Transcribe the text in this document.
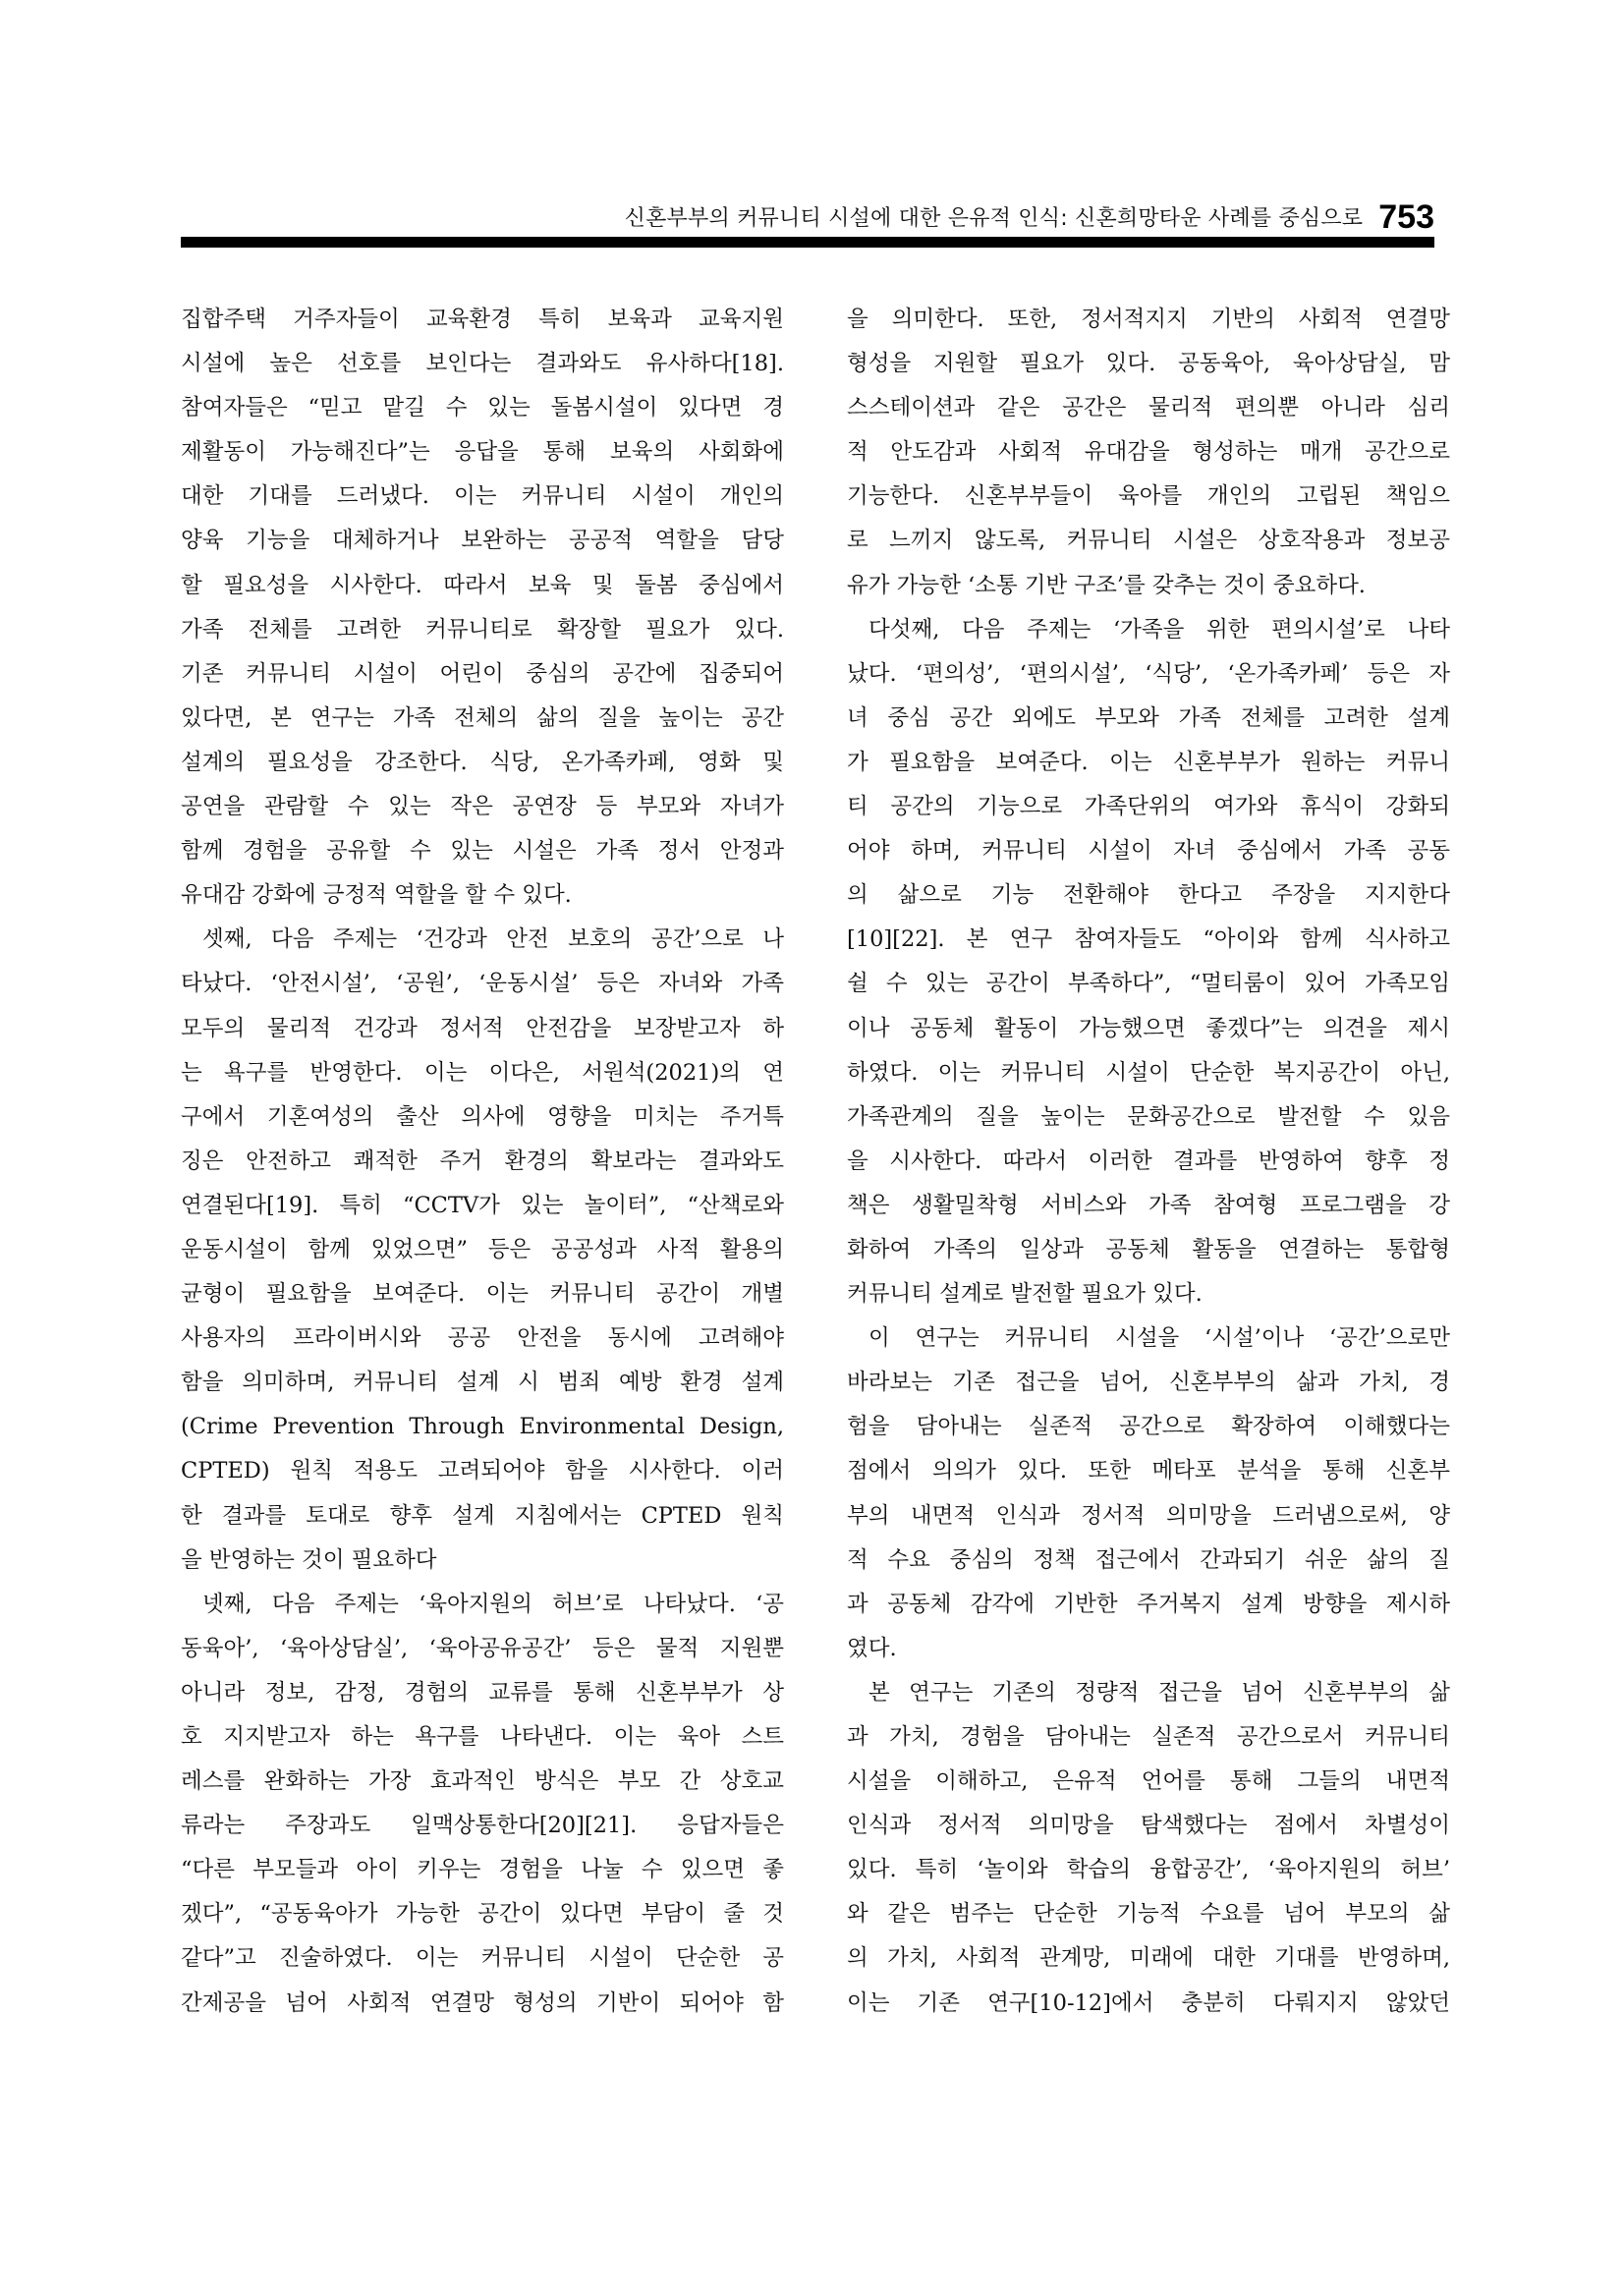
신혼부부의 커뮤니티 시설에 대한 은유적 인식: 신혼희망타운 사례를 중심으로 753
집합주택 거주자들이 교육환경 특히 보육과 교육지원
시설에 높은 선호를 보인다는 결과와도 유사하다[18].
참여자들은 “믿고 맡길 수 있는 돌봄시설이 있다면 경
제활동이 가능해진다”는 응답을 통해 보육의 사회화에
대한 기대를 드러냈다. 이는 커뮤니티 시설이 개인의
양육 기능을 대체하거나 보완하는 공공적 역할을 담당
할 필요성을 시사한다. 따라서 보육 및 돌봄 중심에서
가족 전체를 고려한 커뮤니티로 확장할 필요가 있다.
기존 커뮤니티 시설이 어린이 중심의 공간에 집중되어
있다면, 본 연구는 가족 전체의 삶의 질을 높이는 공간
설계의 필요성을 강조한다. 식당, 온가족카페, 영화 및
공연을 관람할 수 있는 작은 공연장 등 부모와 자녀가
함께 경험을 공유할 수 있는 시설은 가족 정서 안정과
유대감 강화에 긍정적 역할을 할 수 있다.
셋째, 다음 주제는 ‘건강과 안전 보호의 공간’으로 나
타났다. ‘안전시설’, ‘공원’, ‘운동시설’ 등은 자녀와 가족
모두의 물리적 건강과 정서적 안전감을 보장받고자 하
는 욕구를 반영한다. 이는 이다은, 서원석(2021)의 연
구에서 기혼여성의 출산 의사에 영향을 미치는 주거특
징은 안전하고 쾌적한 주거 환경의 확보라는 결과와도
연결된다[19]. 특히 “CCTV가 있는 놀이터”, “산책로와
운동시설이 함께 있었으면” 등은 공공성과 사적 활용의
균형이 필요함을 보여준다. 이는 커뮤니티 공간이 개별
사용자의 프라이버시와 공공 안전을 동시에 고려해야
함을 의미하며, 커뮤니티 설계 시 범죄 예방 환경 설계
(Crime Prevention Through Environmental Design,
CPTED) 원칙 적용도 고려되어야 함을 시사한다. 이러
한 결과를 토대로 향후 설계 지침에서는 CPTED 원칙
을 반영하는 것이 필요하다
넷째, 다음 주제는 ‘육아지원의 허브’로 나타났다. ‘공
동육아’, ‘육아상담실’, ‘육아공유공간’ 등은 물적 지원뿐
아니라 정보, 감정, 경험의 교류를 통해 신혼부부가 상
호 지지받고자 하는 욕구를 나타낸다. 이는 육아 스트
레스를 완화하는 가장 효과적인 방식은 부모 간 상호교
류라는 주장과도 일맥상통한다[20][21]. 응답자들은
“다른 부모들과 아이 키우는 경험을 나눌 수 있으면 좋
겠다”, “공동육아가 가능한 공간이 있다면 부담이 줄 것
같다”고 진술하였다. 이는 커뮤니티 시설이 단순한 공
간제공을 넘어 사회적 연결망 형성의 기반이 되어야 함
을 의미한다. 또한, 정서적지지 기반의 사회적 연결망
형성을 지원할 필요가 있다. 공동육아, 육아상담실, 맘
스스테이션과 같은 공간은 물리적 편의뿐 아니라 심리
적 안도감과 사회적 유대감을 형성하는 매개 공간으로
기능한다. 신혼부부들이 육아를 개인의 고립된 책임으
로 느끼지 않도록, 커뮤니티 시설은 상호작용과 정보공
유가 가능한 ‘소통 기반 구조’를 갖추는 것이 중요하다.
다섯째, 다음 주제는 ‘가족을 위한 편의시설’로 나타
났다. ‘편의성’, ‘편의시설’, ‘식당’, ‘온가족카페’ 등은 자
녀 중심 공간 외에도 부모와 가족 전체를 고려한 설계
가 필요함을 보여준다. 이는 신혼부부가 원하는 커뮤니
티 공간의 기능으로 가족단위의 여가와 휴식이 강화되
어야 하며, 커뮤니티 시설이 자녀 중심에서 가족 공동
의 삶으로 기능 전환해야 한다고 주장을 지지한다
[10][22]. 본 연구 참여자들도 “아이와 함께 식사하고
쉴 수 있는 공간이 부족하다”, “멀티룸이 있어 가족모임
이나 공동체 활동이 가능했으면 좋겠다”는 의견을 제시
하였다. 이는 커뮤니티 시설이 단순한 복지공간이 아닌,
가족관계의 질을 높이는 문화공간으로 발전할 수 있음
을 시사한다. 따라서 이러한 결과를 반영하여 향후 정
책은 생활밀착형 서비스와 가족 참여형 프로그램을 강
화하여 가족의 일상과 공동체 활동을 연결하는 통합형
커뮤니티 설계로 발전할 필요가 있다.
이 연구는 커뮤니티 시설을 ‘시설’이나 ‘공간’으로만
바라보는 기존 접근을 넘어, 신혼부부의 삶과 가치, 경
험을 담아내는 실존적 공간으로 확장하여 이해했다는
점에서 의의가 있다. 또한 메타포 분석을 통해 신혼부
부의 내면적 인식과 정서적 의미망을 드러냄으로써, 양
적 수요 중심의 정책 접근에서 간과되기 쉬운 삶의 질
과 공동체 감각에 기반한 주거복지 설계 방향을 제시하
였다.
본 연구는 기존의 정량적 접근을 넘어 신혼부부의 삶
과 가치, 경험을 담아내는 실존적 공간으로서 커뮤니티
시설을 이해하고, 은유적 언어를 통해 그들의 내면적
인식과 정서적 의미망을 탐색했다는 점에서 차별성이
있다. 특히 ‘놀이와 학습의 융합공간’, ‘육아지원의 허브’
와 같은 범주는 단순한 기능적 수요를 넘어 부모의 삶
의 가치, 사회적 관계망, 미래에 대한 기대를 반영하며,
이는 기존 연구[10-12]에서 충분히 다뤄지지 않았던
